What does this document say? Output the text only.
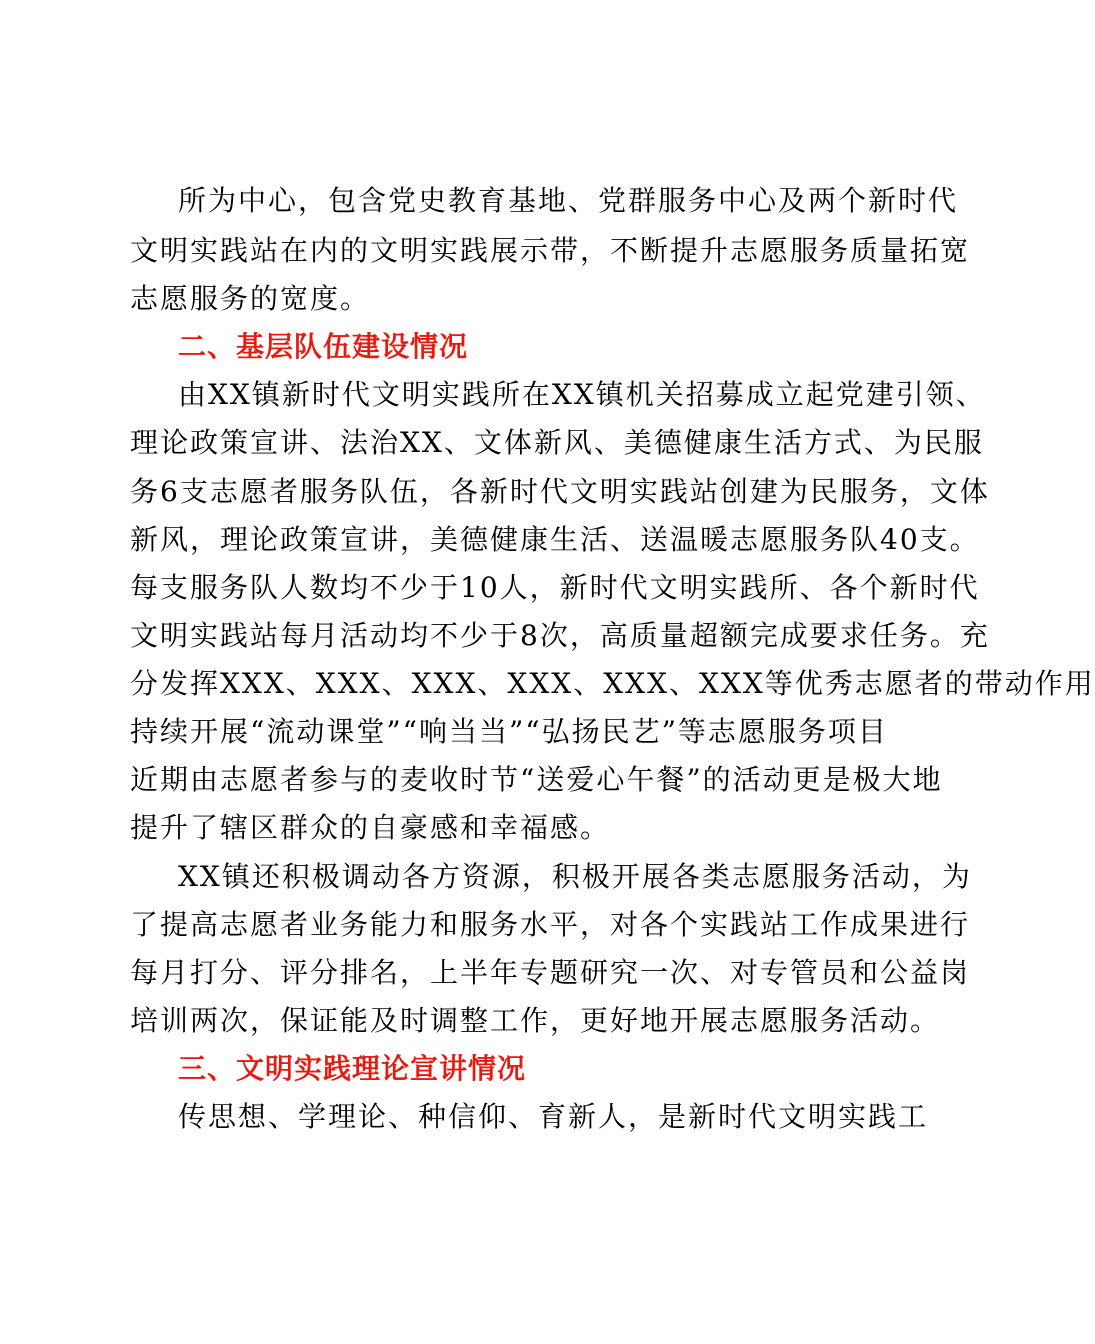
所为中心，包含党史教育基地、党群服务中心及两个新时代
文明实践站在内的文明实践展示带，不断提升志愿服务质量拓宽
志愿服务的宽度。
二、基层队伍建设情况
由XX镇新时代文明实践所在XX镇机关招募成立起党建引领、
理论政策宣讲、法治XX、文体新风、美德健康生活方式、为民服
务6支志愿者服务队伍，各新时代文明实践站创建为民服务，文体
新风，理论政策宣讲，美德健康生活、送温暖志愿服务队40支。
每支服务队人数均不少于10人，新时代文明实践所、各个新时代
文明实践站每月活动均不少于8次，高质量超额完成要求任务。充
分发挥XXX、XXX、XXX、XXX、XXX、XXX等优秀志愿者的带动作用
持续开展“流动课堂”“响当当”“弘扬民艺”等志愿服务项目
近期由志愿者参与的麦收时节“送爱心午餐”的活动更是极大地
提升了辖区群众的自豪感和幸福感。
XX镇还积极调动各方资源，积极开展各类志愿服务活动，为
了提高志愿者业务能力和服务水平，对各个实践站工作成果进行
每月打分、评分排名，上半年专题研究一次、对专管员和公益岗
培训两次，保证能及时调整工作，更好地开展志愿服务活动。
三、文明实践理论宣讲情况
传思想、学理论、种信仰、育新人，是新时代文明实践工
